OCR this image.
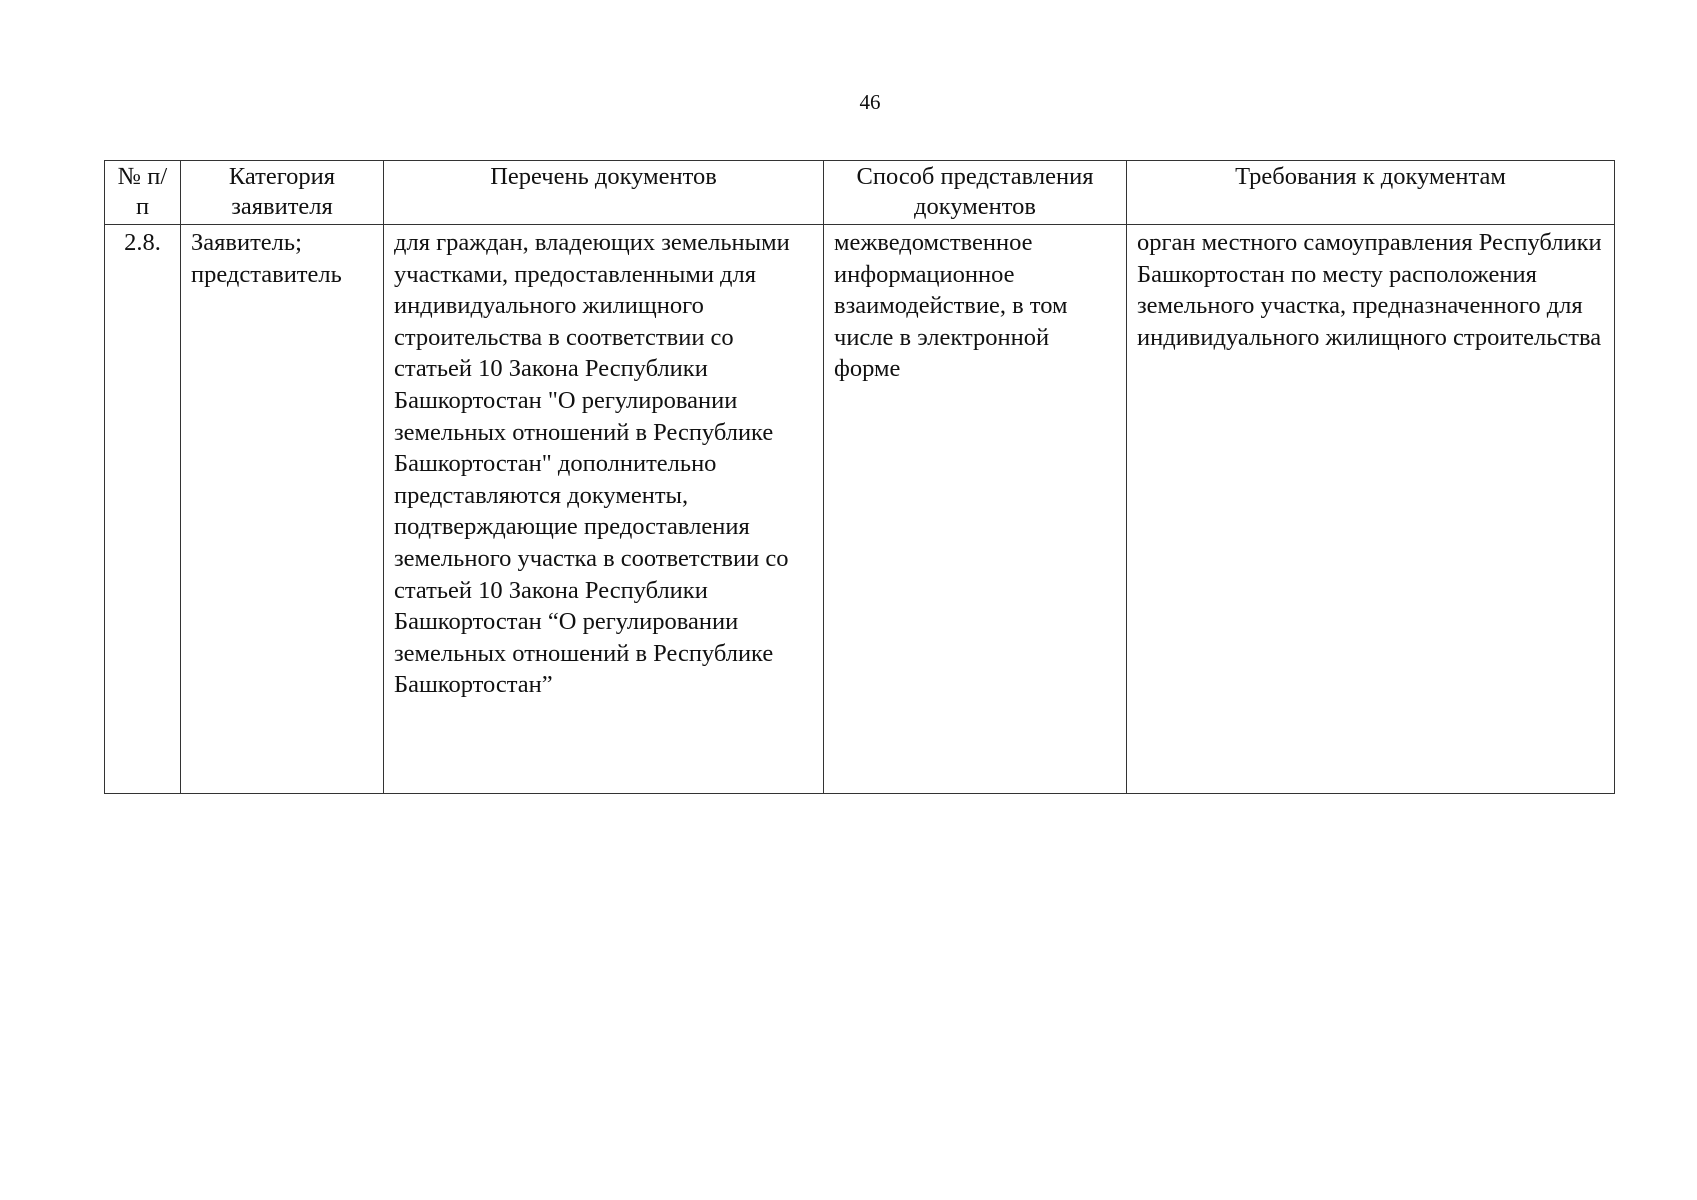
46
№ п/п	Категория заявителя	Перечень документов	Способ представления документов	Требования к документам
2.8.	Заявитель; представитель	для граждан, владеющих земельными участками, предоставленными для индивидуального жилищного строительства в соответствии со статьей 10 Закона Республики Башкортостан "О регулировании земельных отношений в Республике Башкортостан" дополнительно представляются документы, подтверждающие предоставления земельного участка в соответствии со статьей 10 Закона Республики Башкортостан “О регулировании земельных отношений в Республике Башкортостан”	межведомственное информационное взаимодействие, в том числе в электронной форме	орган местного самоуправления Республики Башкортостан по месту расположения земельного участка, предназначенного для индивидуального жилищного строительства
